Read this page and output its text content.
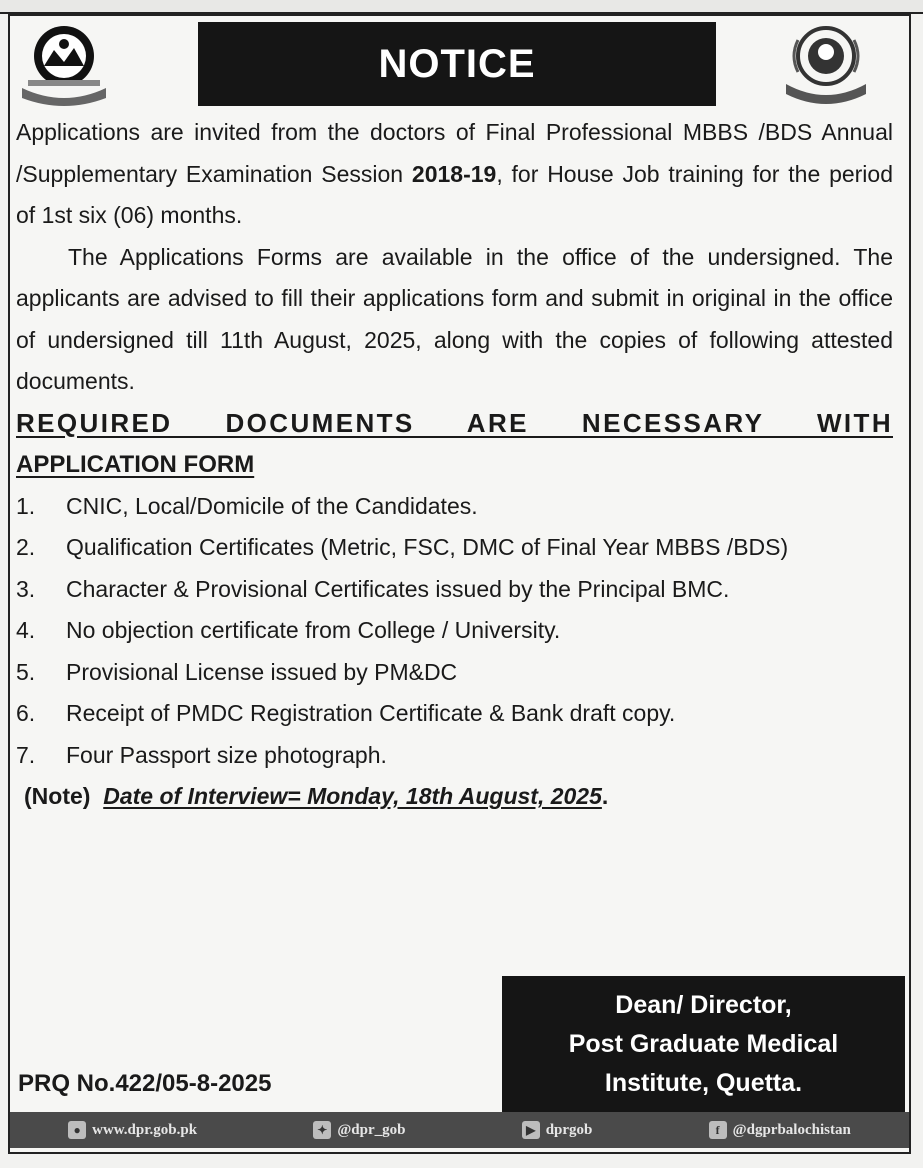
NOTICE

Applications are invited from the doctors of Final Professional MBBS /BDS Annual /Supplementary Examination Session 2018-19, for House Job training for the period of 1st six (06) months.

The Applications Forms are available in the office of the undersigned. The applicants are advised to fill their applications form and submit in original in the office of undersigned till 11th August, 2025, along with the copies of following attested documents.

REQUIRED DOCUMENTS ARE NECESSARY WITH

APPLICATION FORM

1.	CNIC, Local/Domicile of the Candidates.
2.	Qualification Certificates (Metric, FSC, DMC of Final Year MBBS /BDS)
3.	Character & Provisional Certificates issued by the Principal BMC.
4.	No objection certificate from College / University.
5.	Provisional License issued by PM&DC
6.	Receipt of PMDC Registration Certificate & Bank draft copy.
7.	Four Passport size photograph.

(Note) Date of Interview= Monday, 18th August, 2025.

PRQ No.422/05-8-2025
Dean/ Director,
Post Graduate Medical
Institute, Quetta.
● www.dpr.gob.pk	✦ @dpr_gob	▶ dprgob	f @dgprbalochistan
